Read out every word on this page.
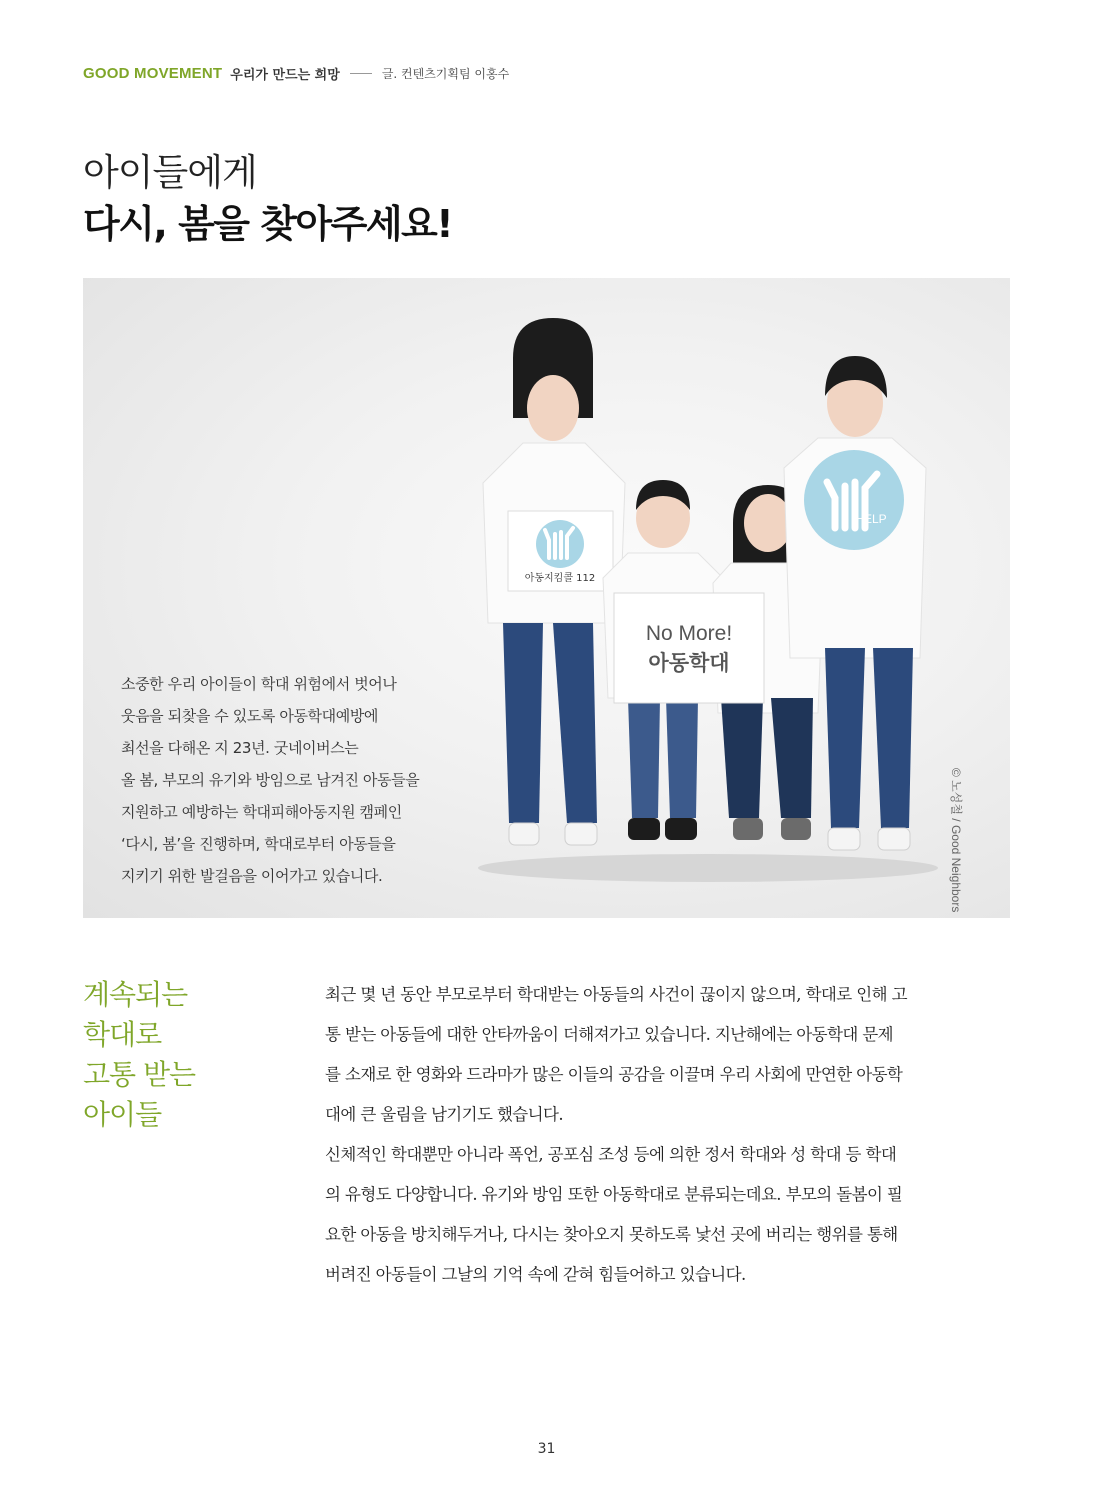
GOOD MOVEMENT 우리가 만드는 희망	글. 컨텐츠기획팀 이홍수
아이들에게
다시, 봄을 찾아주세요!
아동지킴콜 112
No More!
아동학대
HELP
소중한 우리 아이들이 학대 위험에서 벗어나
웃음을 되찾을 수 있도록 아동학대예방에
최선을 다해온 지 23년. 굿네이버스는
올 봄, 부모의 유기와 방임으로 남겨진 아동들을
지원하고 예방하는 학대피해아동지원 캠페인
‘다시, 봄’을 진행하며, 학대로부터 아동들을
지키기 위한 발걸음을 이어가고 있습니다.	© 노성철 / Good Neighbors
계속되는
학대로
고통 받는
아이들
최근 몇 년 동안 부모로부터 학대받는 아동들의 사건이 끊이지 않으며, 학대로 인해 고
통 받는 아동들에 대한 안타까움이 더해져가고 있습니다. 지난해에는 아동학대 문제
를 소재로 한 영화와 드라마가 많은 이들의 공감을 이끌며 우리 사회에 만연한 아동학
대에 큰 울림을 남기기도 했습니다.
신체적인 학대뿐만 아니라 폭언, 공포심 조성 등에 의한 정서 학대와 성 학대 등 학대
의 유형도 다양합니다. 유기와 방임 또한 아동학대로 분류되는데요. 부모의 돌봄이 필
요한 아동을 방치해두거나, 다시는 찾아오지 못하도록 낯선 곳에 버리는 행위를 통해
버려진 아동들이 그날의 기억 속에 갇혀 힘들어하고 있습니다.
31
